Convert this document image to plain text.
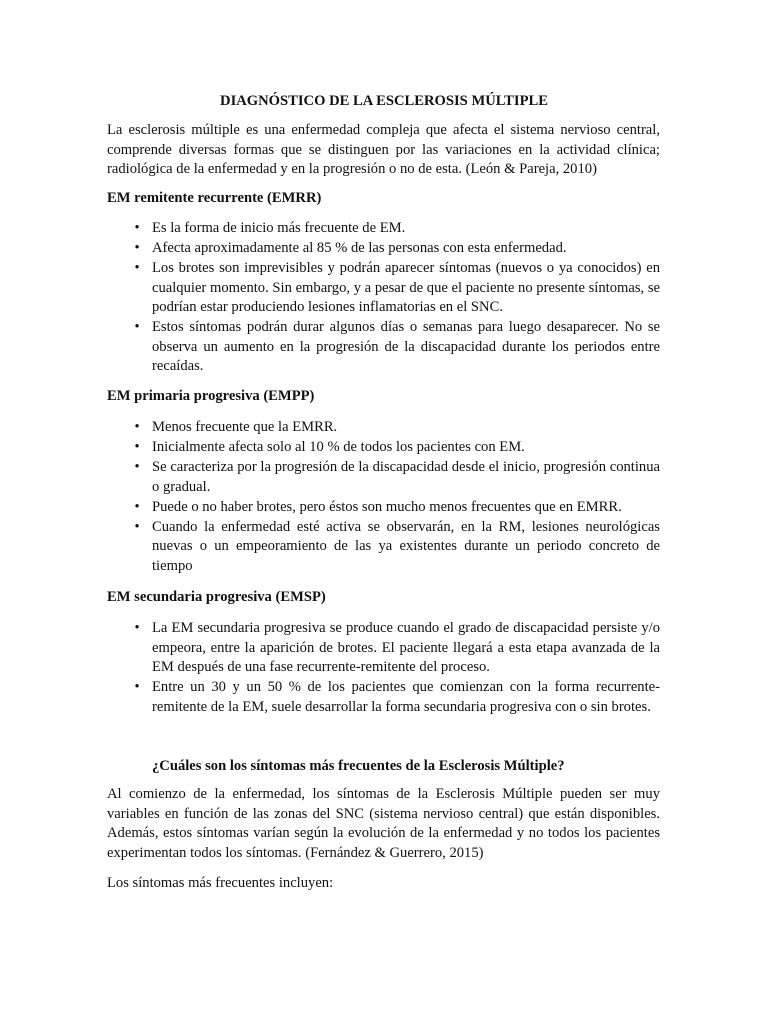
DIAGNÓSTICO DE LA ESCLEROSIS MÚLTIPLE

La esclerosis múltiple es una enfermedad compleja que afecta el sistema nervioso central, comprende diversas formas que se distinguen por las variaciones en la actividad clínica; radiológica de la enfermedad y en la progresión o no de esta. (León & Pareja, 2010)

EM remitente recurrente (EMRR)
• Es la forma de inicio más frecuente de EM.
• Afecta aproximadamente al 85 % de las personas con esta enfermedad.
• Los brotes son imprevisibles y podrán aparecer síntomas (nuevos o ya conocidos) en cualquier momento. Sin embargo, y a pesar de que el paciente no presente síntomas, se podrían estar produciendo lesiones inflamatorias en el SNC.
• Estos síntomas podrán durar algunos días o semanas para luego desaparecer. No se observa un aumento en la progresión de la discapacidad durante los periodos entre recaídas.
EM primaria progresiva (EMPP)
• Menos frecuente que la EMRR.
• Inicialmente afecta solo al 10 % de todos los pacientes con EM.
• Se caracteriza por la progresión de la discapacidad desde el inicio, progresión continua o gradual.
• Puede o no haber brotes, pero éstos son mucho menos frecuentes que en EMRR.
• Cuando la enfermedad esté activa se observarán, en la RM, lesiones neurológicas nuevas o un empeoramiento de las ya existentes durante un periodo concreto de tiempo
EM secundaria progresiva (EMSP)
• La EM secundaria progresiva se produce cuando el grado de discapacidad persiste y/o empeora, entre la aparición de brotes. El paciente llegará a esta etapa avanzada de la EM después de una fase recurrente-remitente del proceso.
• Entre un 30 y un 50 % de los pacientes que comienzan con la forma recurrente-remitente de la EM, suele desarrollar la forma secundaria progresiva con o sin brotes.
¿Cuáles son los síntomas más frecuentes de la Esclerosis Múltiple?

Al comienzo de la enfermedad, los síntomas de la Esclerosis Múltiple pueden ser muy variables en función de las zonas del SNC (sistema nervioso central) que están disponibles. Además, estos síntomas varían según la evolución de la enfermedad y no todos los pacientes experimentan todos los síntomas. (Fernández & Guerrero, 2015)

Los síntomas más frecuentes incluyen:
